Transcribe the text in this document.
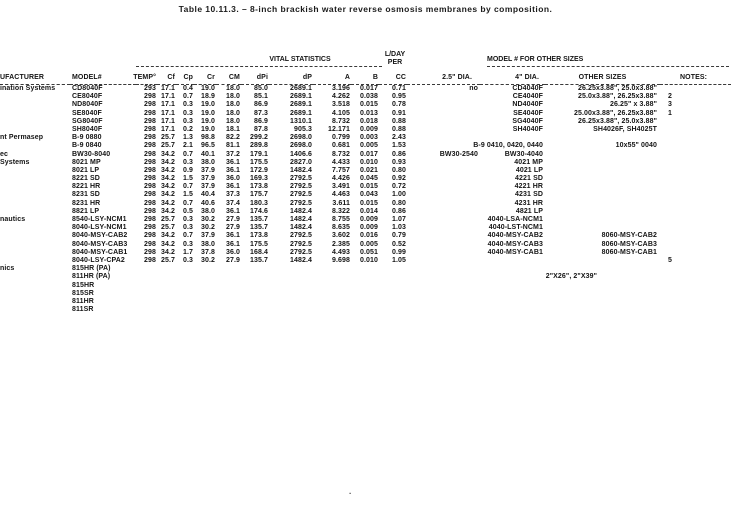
Table 10.11.3. – 8-inch brackish water reverse osmosis membranes by composition.
VITAL STATISTICS
L/DAY
PER	MODEL # FOR OTHER SIZES
UFACTURER	MODEL#	TEMP°	Cf	Cp	Cr	CM	dPi	dP	A	B	CC	2.5" DIA.	4" DIA.	OTHER SIZES	NOTES:

ination Systems	CD8040F	293	17.1	0.4	19.0	18.0	85.0	2689.1	3.196	0.017	0.71	no	CD4040F	26.25x3.88", 25.0x3.88"	

	CE8040F	298	17.1	0.7	18.9	18.0	85.1	2689.1	4.262	0.038	0.95		CE4040F	25.0x3.88", 26.25x3.88"	2

	ND8040F	298	17.1	0.3	19.0	18.0	86.9	2689.1	3.518	0.015	0.78		ND4040F	26.25" x 3.88"	3

	SE8040F	298	17.1	0.3	19.0	18.0	87.3	2689.1	4.105	0.013	0.91		SE4040F	25.00x3.88", 26.25x3.88"	1

	SG8040F	298	17.1	0.3	19.0	18.0	86.9	1310.1	8.732	0.018	0.88		SG4040F	26.25x3.88", 25.0x3.88"	

	SH8040F	298	17.1	0.2	19.0	18.1	87.8	905.3	12.171	0.009	0.88		SH4040F	SH4026F, SH4025T	

nt Permasep	B-9 0880	298	25.7	1.3	98.8	82.2	299.2	2698.0	0.799	0.003	2.43				

	B-9 0840	298	25.7	2.1	96.5	81.1	289.8	2698.0	0.681	0.005	1.53		B-9 0410, 0420, 0440	10x55" 0040	

ec	BW30-8040	298	34.2	0.7	40.1	37.2	179.1	1406.6	8.732	0.017	0.86	BW30-2540	BW30-4040		

Systems	8021 MP	298	34.2	0.3	38.0	36.1	175.5	2827.0	4.433	0.010	0.93		4021 MP		

	8021 LP	298	34.2	0.9	37.9	36.1	172.9	1482.4	7.757	0.021	0.80		4021 LP		

	8221 SD	298	34.2	1.5	37.9	36.0	169.3	2792.5	4.426	0.045	0.92		4221 SD		

	8221 HR	298	34.2	0.7	37.9	36.1	173.8	2792.5	3.491	0.015	0.72		4221 HR		

	8231 SD	298	34.2	1.5	40.4	37.3	175.7	2792.5	4.463	0.043	1.00		4231 SD		

	8231 HR	298	34.2	0.7	40.6	37.4	180.3	2792.5	3.611	0.015	0.80		4231 HR		

	8821 LP	298	34.2	0.5	38.0	36.1	174.6	1482.4	8.322	0.014	0.86		4821 LP		

nautics	8540-LSY-NCM1	298	25.7	0.3	30.2	27.9	135.7	1482.4	8.755	0.009	1.07		4040-LSA-NCM1		

	8040-LSY-NCM1	298	25.7	0.3	30.2	27.9	135.7	1482.4	8.635	0.009	1.03		4040-LST-NCM1		

	8040-MSY-CAB2	298	34.2	0.7	37.9	36.1	173.8	2792.5	3.602	0.016	0.79		4040-MSY-CAB2	8060-MSY-CAB2	

	8040-MSY-CAB3	298	34.2	0.3	38.0	36.1	175.5	2792.5	2.385	0.005	0.52		4040-MSY-CAB3	8060-MSY-CAB3	

	8040-MSY-CAB1	298	34.2	1.7	37.8	36.0	168.4	2792.5	4.493	0.051	0.99		4040-MSY-CAB1	8060-MSY-CAB1	

	8040-LSY-CPA2	298	25.7	0.3	30.2	27.9	135.7	1482.4	9.698	0.010	1.05				5

nics	815HR (PA)														

	811HR (PA)													2"X26", 2"X39"	

	815HR														

	815SR														

	811HR														

	811SR														

.
